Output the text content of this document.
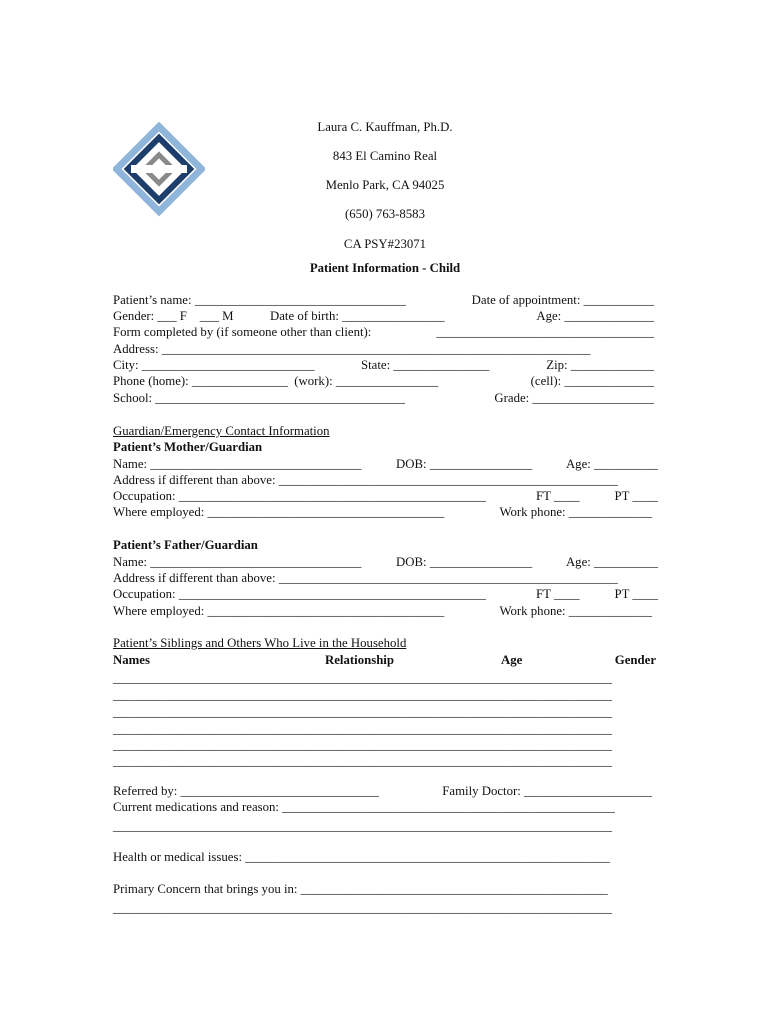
Laura C. Kauffman, Ph.D.
843 El Camino Real
Menlo Park, CA 94025
(650) 763-8583
CA PSY#23071
Patient Information - Child
Patient’s name: _________________________________	Date of appointment: ___________
Gender: ___ F    ___ M	Date of birth: ________________	Age: ______________
Form completed by (if someone other than client):	__________________________________
Address: ___________________________________________________________________
City: ___________________________	State: _______________	Zip: _____________
Phone (home): _______________  (work): ________________	(cell): ______________
School: _______________________________________	Grade: ___________________
Guardian/Emergency Contact Information
Patient’s Mother/Guardian
Name: _________________________________	DOB: ________________	Age: __________
Address if different than above: _____________________________________________________
Occupation: ________________________________________________	FT ____	PT ____
Where employed: _____________________________________	Work phone: _____________
Patient’s Father/Guardian
Name: _________________________________	DOB: ________________	Age: __________
Address if different than above: _____________________________________________________
Occupation: ________________________________________________	FT ____	PT ____
Where employed: _____________________________________	Work phone: _____________
Patient’s Siblings and Others Who Live in the Household
Names	Relationship	Age	Gender
______________________________________________________________________________
______________________________________________________________________________
______________________________________________________________________________
______________________________________________________________________________
______________________________________________________________________________
______________________________________________________________________________
Referred by: _______________________________	Family Doctor: ____________________
Current medications and reason: ____________________________________________________
______________________________________________________________________________
Health or medical issues: _________________________________________________________
Primary Concern that brings you in: ________________________________________________
______________________________________________________________________________
